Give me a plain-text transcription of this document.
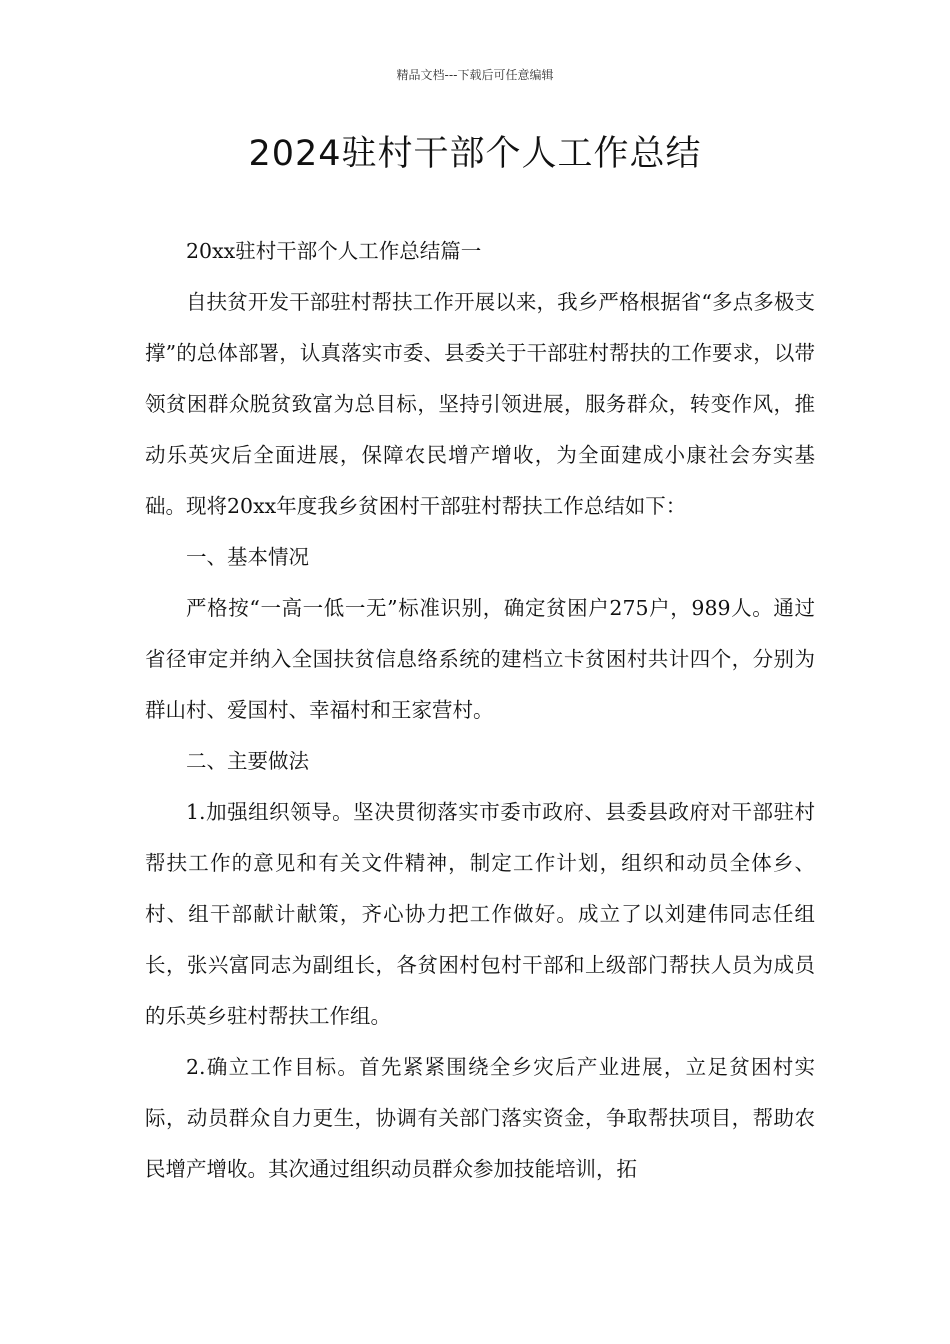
精品文档---下载后可任意编辑
2024驻村干部个人工作总结

20xx驻村干部个人工作总结篇一

自扶贫开发干部驻村帮扶工作开展以来，我乡严格根据省“多点多极支撑”的总体部署，认真落实市委、县委关于干部驻村帮扶的工作要求，以带领贫困群众脱贫致富为总目标，坚持引领进展，服务群众，转变作风，推动乐英灾后全面进展，保障农民增产增收，为全面建成小康社会夯实基础。现将20xx年度我乡贫困村干部驻村帮扶工作总结如下：

一、基本情况

严格按“一高一低一无”标准识别，确定贫困户275户，989人。通过省径审定并纳入全国扶贫信息络系统的建档立卡贫困村共计四个，分别为群山村、爱国村、幸福村和王家营村。

二、主要做法

1.加强组织领导。坚决贯彻落实市委市政府、县委县政府对干部驻村帮扶工作的意见和有关文件精神，制定工作计划，组织和动员全体乡、村、组干部献计献策，齐心协力把工作做好。成立了以刘建伟同志任组长，张兴富同志为副组长，各贫困村包村干部和上级部门帮扶人员为成员的乐英乡驻村帮扶工作组。

2.确立工作目标。首先紧紧围绕全乡灾后产业进展，立足贫困村实际，动员群众自力更生，协调有关部门落实资金，争取帮扶项目，帮助农民增产增收。其次通过组织动员群众参加技能培训，拓
